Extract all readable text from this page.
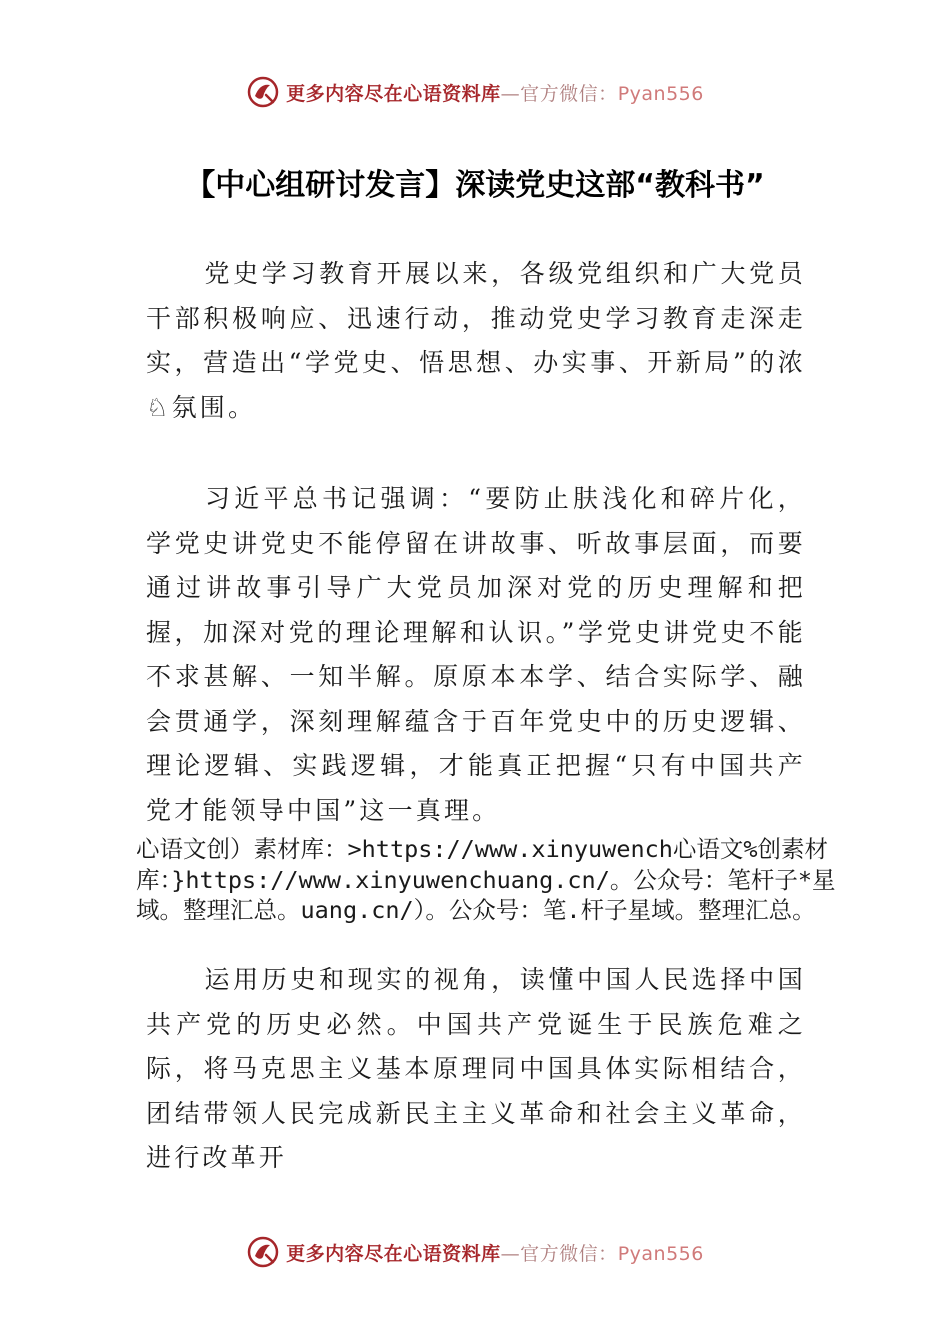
更多内容尽在心语资料库—官方微信：Pyan556
【中心组研讨发言】深读党史这部“教科书”

党史学习教育开展以来，各级党组织和广大党员干部积极响应、迅速行动，推动党史学习教育走深走实，营造出“学党史、悟思想、办实事、开新局”的浓♘氛围。

习近平总书记强调：“要防止肤浅化和碎片化，学党史讲党史不能停留在讲故事、听故事层面，而要通过讲故事引导广大党员加深对党的历史理解和把握，加深对党的理论理解和认识。”学党史讲党史不能不求甚解、一知半解。原原本本学、结合实际学、融会贯通学，深刻理解蕴含于百年党史中的历史逻辑、理论逻辑、实践逻辑，才能真正把握“只有中国共产党才能领导中国”这一真理。

心语文创）素材库：>https://www.xinyuwench心语文%创素材库：}https://www.xinyuwenchuang.cn/。公众号：笔杆子*星域。整理汇总。uang.cn/）。公众号：笔.杆子星域。整理汇总。

运用历史和现实的视角，读懂中国人民选择中国共产党的历史必然。中国共产党诞生于民族危难之际，将马克思主义基本原理同中国具体实际相结合，团结带领人民完成新民主主义革命和社会主义革命，进行改革开

更多内容尽在心语资料库—官方微信：Pyan556
